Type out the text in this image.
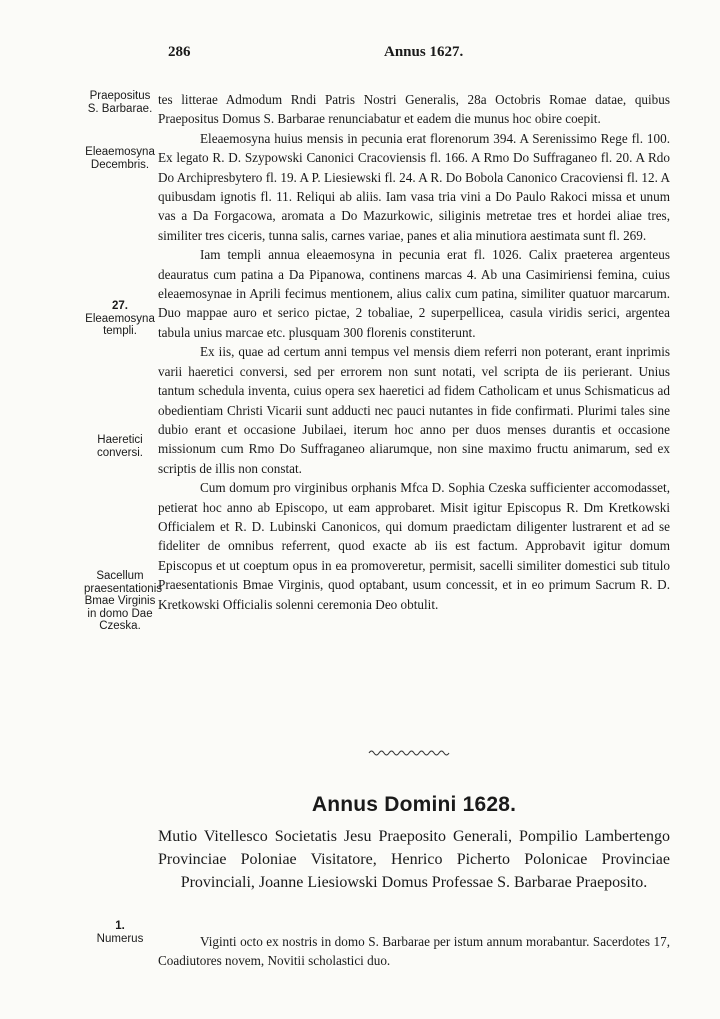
286	Annus 1627.
Praepositus S. Barbarae.
Eleaemosyna Decembris.
27.
Eleaemosyna templi.
Haeretici conversi.
Sacellum praesentationis Bmae Virginis in domo Dae Czeska.
1.
Numerus

tes litterae Admodum Rndi Patris Nostri Generalis, 28a Octobris Romae datae, quibus Praepositus Domus S. Barbarae renunciabatur et eadem die munus hoc obire coepit.

Eleaemosyna huius mensis in pecunia erat florenorum 394. A Serenissimo Rege fl. 100. Ex legato R. D. Szypowski Canonici Cracoviensis fl. 166. A Rmo Do Suffraganeo fl. 20. A Rdo Do Archipresbytero fl. 19. A P. Liesiewski fl. 24. A R. Do Bobola Canonico Cracoviensi fl. 12. A quibusdam ignotis fl. 11. Reliqui ab aliis. Iam vasa tria vini a Do Paulo Rakoci missa et unum vas a Da Forgacowa, aromata a Do Mazurkowic, siliginis metretae tres et hordei aliae tres, similiter tres ciceris, tunna salis, carnes variae, panes et alia minutiora aestimata sunt fl. 269.

Iam templi annua eleaemosyna in pecunia erat fl. 1026. Calix praeterea argenteus deauratus cum patina a Da Pipanowa, continens marcas 4. Ab una Casimiriensi femina, cuius eleaemosynae in Aprili fecimus mentionem, alius calix cum patina, similiter quatuor marcarum. Duo mappae auro et serico pictae, 2 tobaliae, 2 superpellicea, casula viridis serici, argentea tabula unius marcae etc. plusquam 300 florenis constiterunt.

Ex iis, quae ad certum anni tempus vel mensis diem referri non poterant, erant inprimis varii haeretici conversi, sed per errorem non sunt notati, vel scripta de iis perierant. Unius tantum schedula inventa, cuius opera sex haeretici ad fidem Catholicam et unus Schismaticus ad obedientiam Christi Vicarii sunt adducti nec pauci nutantes in fide confirmati. Plurimi tales sine dubio erant et occasione Jubilaei, iterum hoc anno per duos menses durantis et occasione missionum cum Rmo Do Suffraganeo aliarumque, non sine maximo fructu animarum, sed ex scriptis de illis non constat.

Cum domum pro virginibus orphanis Mfca D. Sophia Czeska sufficienter accomodasset, petierat hoc anno ab Episcopo, ut eam approbaret. Misit igitur Episcopus R. Dm Kretkowski Officialem et R. D. Lubinski Canonicos, qui domum praedictam diligenter lustrarent et ad se fideliter de omnibus referrent, quod exacte ab iis est factum. Approbavit igitur domum Episcopus et ut coeptum opus in ea promoveretur, permisit, sacelli similiter domestici sub titulo Praesentationis Bmae Virginis, quod optabant, usum concessit, et in eo primum Sacrum R. D. Kretkowski Officialis solenni ceremonia Deo obtulit.

Annus Domini 1628.
Mutio Vitellesco Societatis Jesu Praeposito Generali, Pompilio Lambertengo Provinciae Poloniae Visitatore, Henrico Picherto Polonicae Provinciae Provinciali, Joanne Liesiowski Domus Professae S. Barbarae Praeposito.

Viginti octo ex nostris in domo S. Barbarae per istum annum morabantur. Sacerdotes 17, Coadiutores novem, Novitii scholastici duo.
